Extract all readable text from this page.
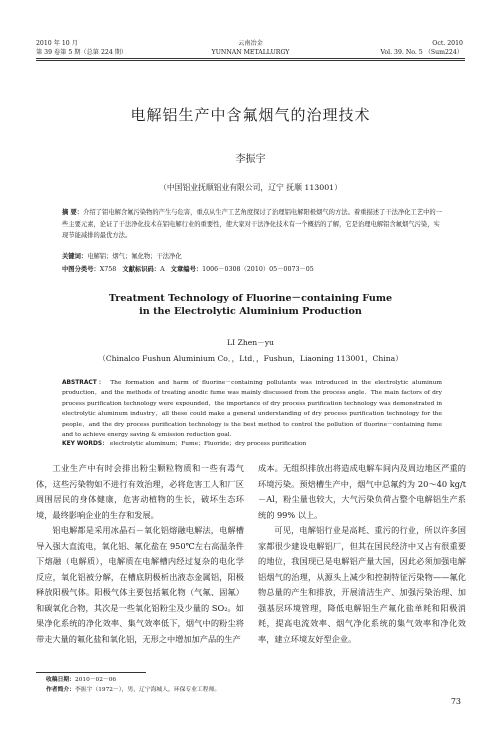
2010 年 10 月
第 39 卷第 5 期（总第 224 期）
云南冶金
YUNNAN METALLURGY
Oct. 2010
Vol. 39. No. 5 （Sum224）
电解铝生产中含氟烟气的治理技术
李振宇
（中国铝业抚顺铝业有限公司，辽宁 抚顺 113001）
摘 要：介绍了铝电解含氟污染物的产生与危害，重点从生产工艺角度探讨了治理铝电解阳极烟气的方法。着重描述了干法净化工艺中的一些主要元素，论证了干法净化技术在铝电解行业的重要性，使大家对干法净化技术有一个概括的了解，它是治理电解铝含氟烟气污染，实现节能减排的最优方法。
关键词：电解铝；烟气；氟化物；干法净化
中图分类号：X758 文献标识码：A 文章编号：1006－0308（2010）05－0073－05
Treatment Technology of Fluorine－containing Fume
in the Electrolytic Aluminium Production
LI Zhen－yu
（Chinalco Fushun Aluminium Co．，Ltd．，Fushun，Liaoning 113001，China）
ABSTRACT： The formation and harm of fluorine－containing pollutants was introduced in the electrolytic aluminum production，and the methods of treating anodic fume was mainly discussed from the process angle．The main factors of dry process purification technology were expounded，the importance of dry process purification technology was demonstrated in electrolytic aluminum industry，all these could make a general understanding of dry process purification technology for the people，and the dry process purification technology is the best method to control the pollution of fluorine－containing fume and to achieve energy saving & emission reduction goal．
KEY WORDS： electrolytic aluminum；Fume；Fluoride；dry process purification
工业生产中有时会排出粉尘颗粒物质和一些有毒气体，这些污染物如不进行有效治理，必将危害工人和厂区周围居民的身体健康，危害动植物的生长，破坏生态环境，最终影响企业的生存和发展。
铝电解都是采用冰晶石－氧化铝熔融电解法，电解槽导入强大直流电，氧化铝、氟化盐在 950℃左右高温条件下熔融（电解质），电解质在电解槽内经过复杂的电化学反应，氧化铝被分解，在槽底阴极析出液态金属铝，阳极释放阳极气体。阳极气体主要包括氟化物（气氟、固氟）和碳氧化合物，其次是一些氧化铝粉尘及少量的 SO₂。如果净化系统的净化效率、集气效率低下，烟气中的粉尘将带走大量的氟化盐和氧化铝，无形之中增加加产品的生产
成本。无组织排放出将造成电解车间内及周边地区严重的环境污染。预焙槽生产中，烟气中总氟约为 20～40 kg/t－Al，粉尘量也较大，大气污染负荷占整个电解铝生产系统的 99% 以上。
可见，电解铝行业是高耗、重污的行业，所以许多国家都很少建设电解铝厂，但其在国民经济中又占有很重要的地位，我国现已是电解铝产量大国，因此必须加强电解铝烟气的治理，从源头上减少和控制特征污染物——氟化物总量的产生和排放，开展清洁生产、加强污染治理、加强基层环境管理，降低电解铝生产氟化盐单耗和阳极消耗，提高电流效率、烟气净化系统的集气效率和净化效率，建立环境友好型企业。
收稿日期：2010－02－06
作者简介：李振宇（1972－），男，辽宁海城人，环保专业工程师。
73
